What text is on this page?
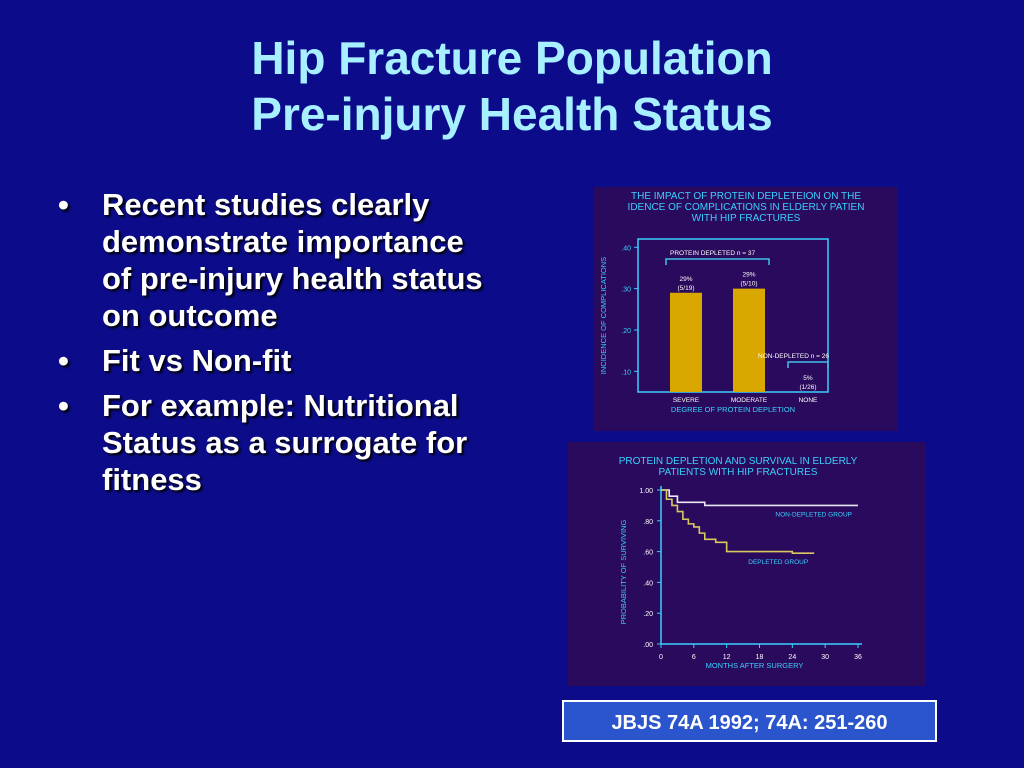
Hip Fracture Population
Pre-injury Health Status
• Recent studies clearly demonstrate importance of pre-injury health status on outcome
• Fit vs Non-fit
• For example: Nutritional Status as a surrogate for fitness
THE IMPACT OF PROTEIN DEPLETEION ON THE
IDENCE OF COMPLICATIONS IN ELDERLY PATIEN
WITH HIP FRACTURES
.10
.20
.30
.40
29%
(5/19)
SEVERE
29%
(5/10)
MODERATE
5%
(1/26)
NONE
PROTEIN DEPLETED n = 37
NON-DEPLETED n = 26
DEGREE OF PROTEIN DEPLETION
INCIDENCE OF COMPLICATIONS
PROTEIN DEPLETION AND SURVIVAL IN ELDERLY
PATIENTS WITH HIP FRACTURES
.00
.20
.40
.60
.80
1.00
0	6	12	18	24	30	36
NON-DEPLETED GROUP
DEPLETED GROUP
MONTHS AFTER SURGERY
PROBABILITY OF SURVIVING
JBJS 74A 1992; 74A: 251-260
